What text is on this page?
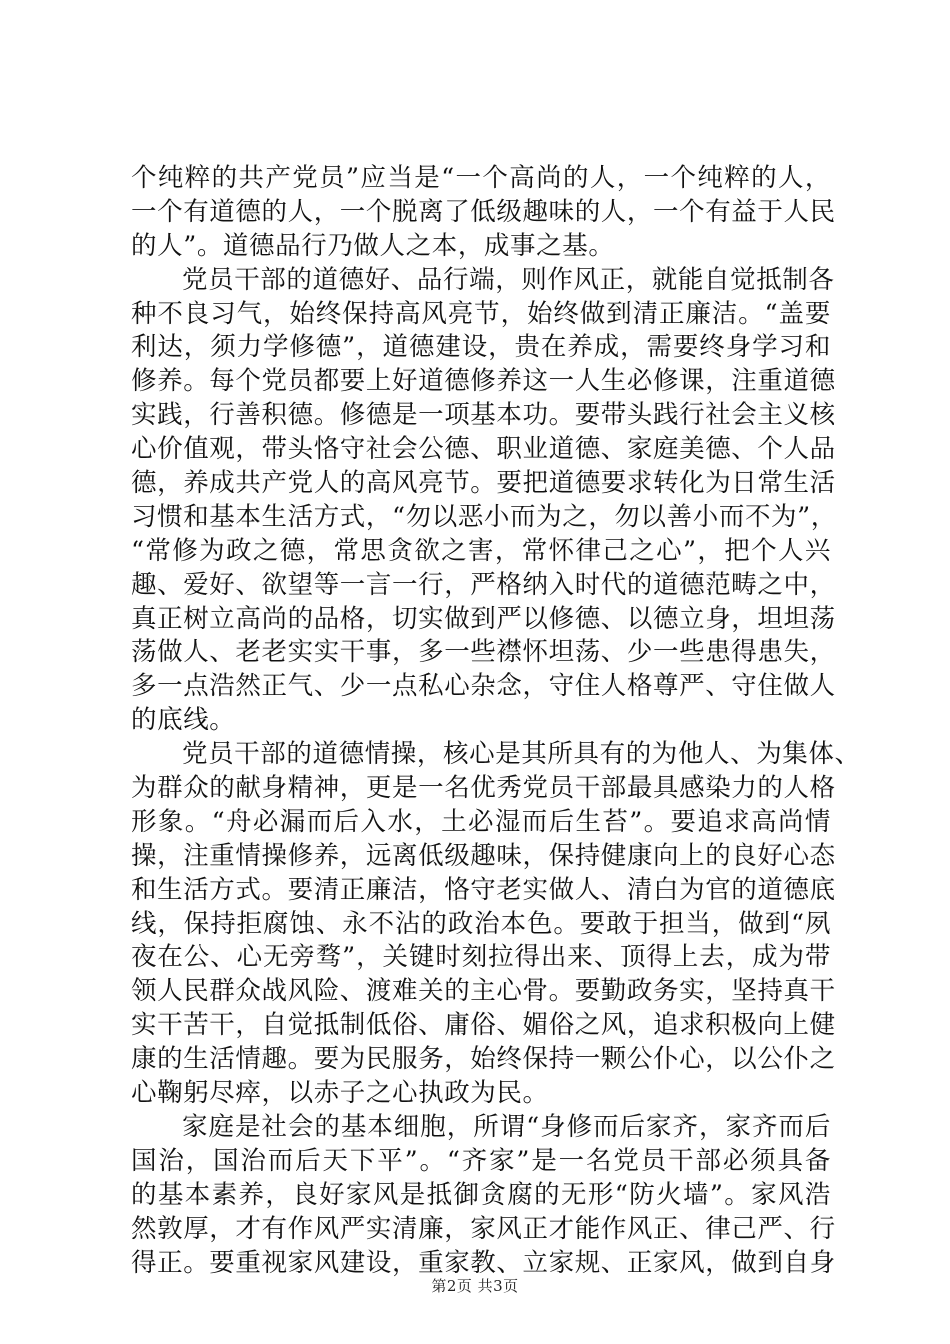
个纯粹的共产党员”应当是“一个高尚的人，一个纯粹的人，
一个有道德的人，一个脱离了低级趣味的人，一个有益于人民
的人”。道德品行乃做人之本，成事之基。
党员干部的道德好、品行端，则作风正，就能自觉抵制各
种不良习气，始终保持高风亮节，始终做到清正廉洁。“盖要
利达，须力学修德”，道德建设，贵在养成，需要终身学习和
修养。每个党员都要上好道德修养这一人生必修课，注重道德
实践，行善积德。修德是一项基本功。要带头践行社会主义核
心价值观，带头恪守社会公德、职业道德、家庭美德、个人品
德，养成共产党人的高风亮节。要把道德要求转化为日常生活
习惯和基本生活方式，“勿以恶小而为之，勿以善小而不为”，
“常修为政之德，常思贪欲之害，常怀律己之心”，把个人兴
趣、爱好、欲望等一言一行，严格纳入时代的道德范畴之中，
真正树立高尚的品格，切实做到严以修德、以德立身，坦坦荡
荡做人、老老实实干事，多一些襟怀坦荡、少一些患得患失，
多一点浩然正气、少一点私心杂念，守住人格尊严、守住做人
的底线。
党员干部的道德情操，核心是其所具有的为他人、为集体、
为群众的献身精神，更是一名优秀党员干部最具感染力的人格
形象。“舟必漏而后入水，土必湿而后生苔”。要追求高尚情
操，注重情操修养，远离低级趣味，保持健康向上的良好心态
和生活方式。要清正廉洁，恪守老实做人、清白为官的道德底
线，保持拒腐蚀、永不沾的政治本色。要敢于担当，做到“夙
夜在公、心无旁骛”，关键时刻拉得出来、顶得上去，成为带
领人民群众战风险、渡难关的主心骨。要勤政务实，坚持真干
实干苦干，自觉抵制低俗、庸俗、媚俗之风，追求积极向上健
康的生活情趣。要为民服务，始终保持一颗公仆心，以公仆之
心鞠躬尽瘁，以赤子之心执政为民。
家庭是社会的基本细胞，所谓“身修而后家齐，家齐而后
国治，国治而后天下平”。“齐家”是一名党员干部必须具备
的基本素养，良好家风是抵御贪腐的无形“防火墙”。家风浩
然敦厚，才有作风严实清廉，家风正才能作风正、律己严、行
得正。要重视家风建设，重家教、立家规、正家风，做到自身
第2页 共3页
